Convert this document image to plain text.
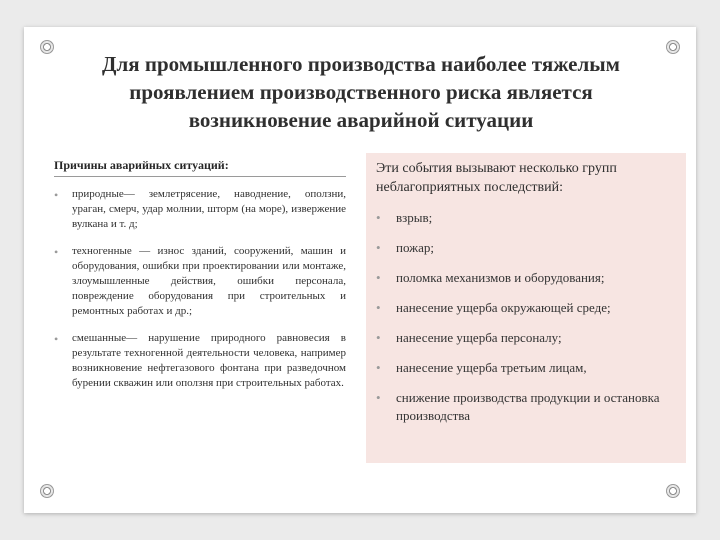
Для промышленного производства наиболее тяжелым
проявлением производственного риска является
возникновение аварийной ситуации
Причины аварийных ситуаций:
• природные— землетрясение, наводнение, оползни, ураган, смерч, удар молнии, шторм (на море), извержение вулкана и т. д;
• техногенные — износ зданий, сооружений, машин и оборудования, ошибки при проектировании или монтаже, злоумышленные действия, ошибки персонала, повреждение оборудования при строительных и ремонтных работах и др.;
• смешанные— нарушение природного равновесия в результате техногенной деятельности человека, например возникновение нефтегазового фонтана при разведочном бурении скважин или оползня при строительных работах.
Эти события вызывают несколько групп неблагоприятных последствий:
• взрыв;
• пожар;
• поломка механизмов и оборудования;
• нанесение ущерба окружающей среде;
• нанесение ущерба персоналу;
• нанесение ущерба третьим лицам,
• снижение производства продукции и остановка производства
